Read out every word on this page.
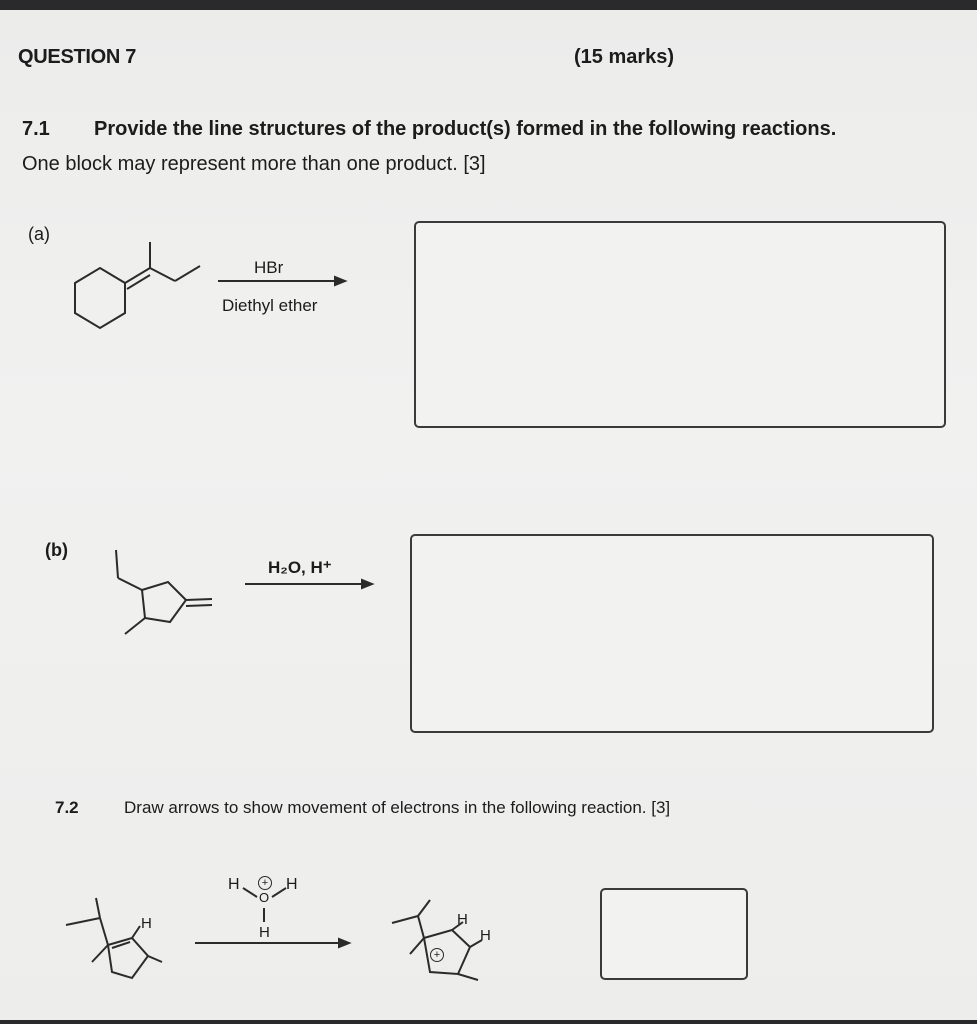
QUESTION 7	(15 marks)
7.1 Provide the line structures of the product(s) formed in the following reactions.
One block may represent more than one product. [3]
(a)
HBr
Diethyl ether
(b)
H₂O, H⁺
7.2	Draw arrows to show movement of electrons in the following reaction. [3]
H	H
O
H
H	H
H
+
+
